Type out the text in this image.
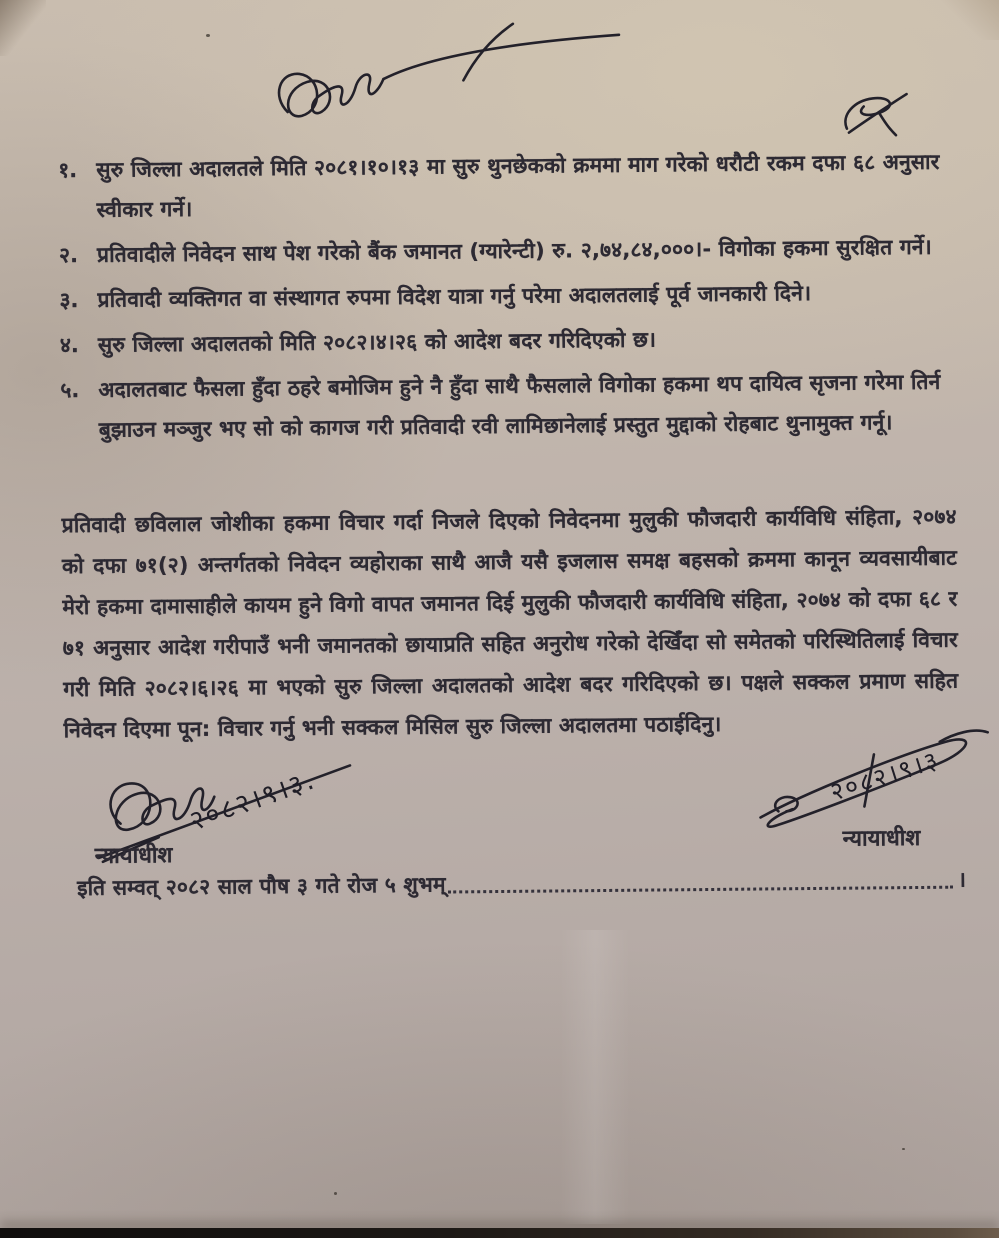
१. सुरु जिल्ला अदालतले मिति २०८१।१०।१३ मा सुरु थुनछेकको क्रममा माग गरेको धरौटी रकम दफा ६८ अनुसार स्वीकार गर्ने।
२. प्रतिवादीले निवेदन साथ पेश गरेको बैंक जमानत (ग्यारेन्टी) रु. २,७४,८४,०००।- विगोका हकमा सुरक्षित गर्ने।
३. प्रतिवादी व्यक्तिगत वा संस्थागत रुपमा विदेश यात्रा गर्नु परेमा अदालतलाई पूर्व जानकारी दिने।
४. सुरु जिल्ला अदालतको मिति २०८२।४।२६ को आदेश बदर गरिदिएको छ।
५. अदालतबाट फैसला हुँदा ठहरे बमोजिम हुने नै हुँदा साथै फैसलाले विगोका हकमा थप दायित्व सृजना गरेमा तिर्न बुझाउन मञ्जुर भए सो को कागज गरी प्रतिवादी रवी लामिछानेलाई प्रस्तुत मुद्दाको रोहबाट थुनामुक्त गर्नू।

प्रतिवादी छविलाल जोशीका हकमा विचार गर्दा निजले दिएको निवेदनमा मुलुकी फौजदारी कार्यविधि संहिता, २०७४ को दफा ७१(२) अन्तर्गतको निवेदन व्यहोराका साथै आजै यसै इजलास समक्ष बहसको क्रममा कानून व्यवसायीबाट मेरो हकमा दामासाहीले कायम हुने विगो वापत जमानत दिई मुलुकी फौजदारी कार्यविधि संहिता, २०७४ को दफा ६८ र ७१ अनुसार आदेश गरीपाउँ भनी जमानतको छायाप्रति सहित अनुरोध गरेको देखिँदा सो समेतको परिस्थितिलाई विचार गरी मिति २०८२।६।२६ मा भएको सुरु जिल्ला अदालतको आदेश बदर गरिदिएको छ। पक्षले सक्कल प्रमाण सहित निवेदन दिएमा पून: विचार गर्नु भनी सक्कल मिसिल सुरु जिल्ला अदालतमा पठाईदिनु।

२०८२।९।३.
न्यायाधीश
२०८२।९।३
न्यायाधीश
इति सम्वत् २०८२ साल पौष ३ गते रोज ५ शुभम्	।
